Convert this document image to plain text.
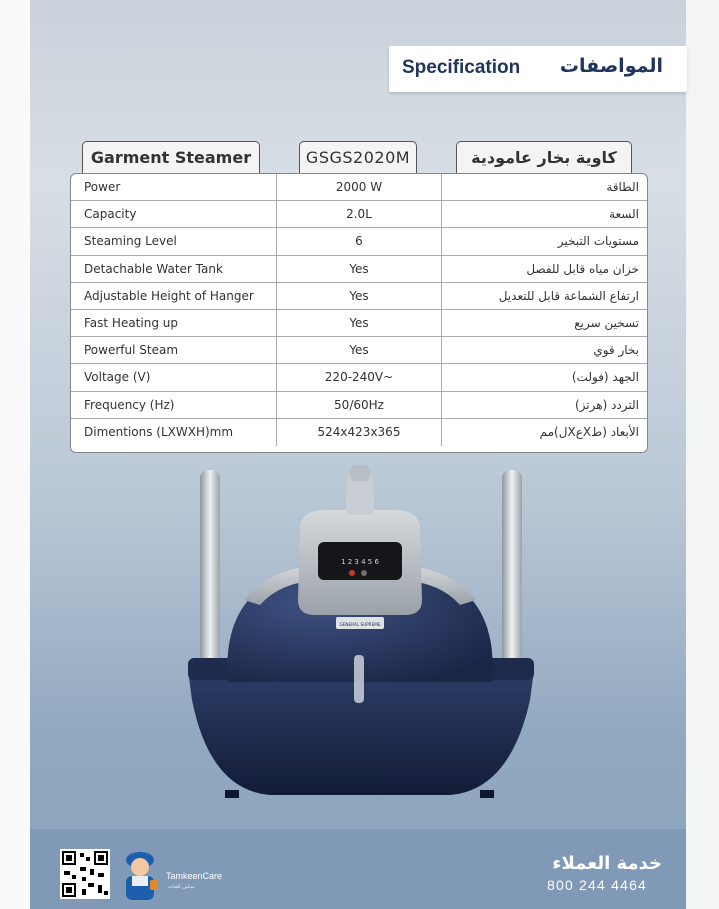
Specification المواصفات
Garment Steamer	GSGS2020M	كاوية بخار عامودية
Power	2000 W	الطاقة
Capacity	2.0L	السعة
Steaming Level	6	مستويات التبخير
Detachable Water Tank	Yes	خزان مياه قابل للفصل
Adjustable Height of Hanger	Yes	ارتفاع الشماعة قابل للتعديل
Fast Heating up	Yes	تسخين سريع
Powerful Steam	Yes	بخار قوي
Voltage (V)	220-240V~	الجهد (فولت)
Frequency (Hz)	50/60Hz	التردد (هرتز)
Dimentions (LXWXH)mm	524x423x365	الأبعاد (طXعXل)مم
1 2 3 4 5 6
GENERAL SUPREME
TamkeenCare
تمكين للعناية
خدمة العملاء
800 244 4464
